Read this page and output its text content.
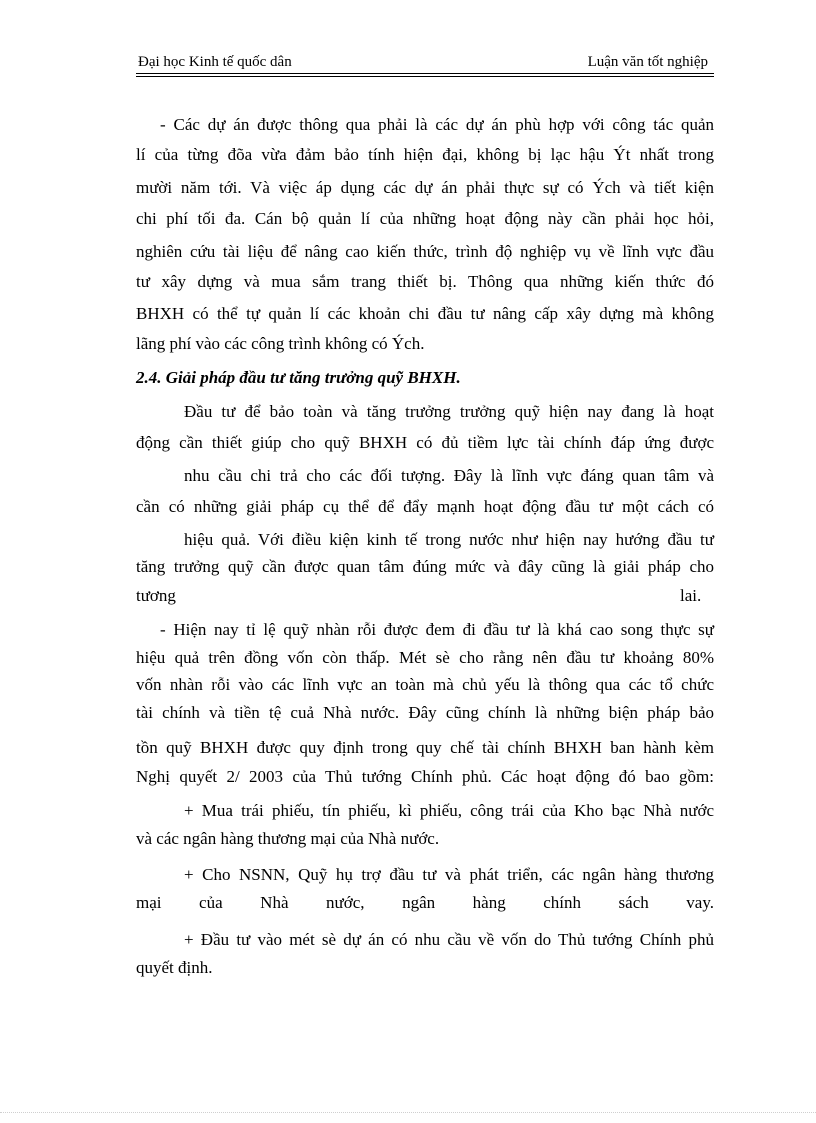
Đại học Kinh tế quốc dân	Luận văn tốt nghiệp
- Các dự án được thông qua phải là các dự án phù hợp với công tác quản
lí của từng đõa vừa đảm bảo tính hiện đại, không bị lạc hậu Ýt nhất trong
mười năm tới. Và việc áp dụng các dự án phải thực sự có Ých và tiết kiện
chi phí tối đa. Cán bộ quản lí của những hoạt động này cần phải học hỏi,
nghiên cứu tài liệu để nâng cao kiến thức, trình độ nghiệp vụ về lĩnh vực đầu
tư xây dựng và mua sắm trang thiết bị. Thông qua những kiến thức đó
BHXH có thể tự quản lí các khoản chi đầu tư nâng cấp xây dựng mà không
lãng phí vào các công trình không có Ých.
2.4. Giải pháp đầu tư tăng trưởng quỹ BHXH.
Đầu tư để bảo toàn và tăng trưởng trưởng quỹ hiện nay đang là hoạt
động cần thiết giúp cho quỹ BHXH có đủ tiềm lực tài chính đáp ứng được
nhu cầu chi trả cho các đối tượng. Đây là lĩnh vực đáng quan tâm và
cần có những giải pháp cụ thể để đẩy mạnh hoạt động đầu tư một cách có
hiệu quả. Với điều kiện kinh tế trong nước như hiện nay hướng đầu tư
tăng trưởng quỹ cần được quan tâm đúng mức và đây cũng là giải pháp cho
tương	lai.
- Hiện nay tỉ lệ quỹ nhàn rỗi được đem đi đầu tư là khá cao song thực sự
hiệu quả trên đồng vốn còn thấp. Mét sè cho rằng nên đầu tư khoảng 80%
vốn nhàn rỗi vào các lĩnh vực an toàn mà chủ yếu là thông qua các tổ chức
tài chính và tiền tệ cuả Nhà nước. Đây cũng chính là những biện pháp bảo
tồn quỹ BHXH được quy định trong quy chế tài chính BHXH ban hành kèm
Nghị quyết 2/ 2003 của Thủ tướng Chính phủ. Các hoạt động đó bao gồm:
+ Mua trái phiếu, tín phiếu, kì phiếu, công trái của Kho bạc Nhà nước
và các ngân hàng thương mại của Nhà nước.
+ Cho NSNN, Quỹ hụ trợ đầu tư và phát triển, các ngân hàng thương
mại của Nhà nước, ngân hàng chính sách vay.
+ Đầu tư vào mét sè dự án có nhu cầu về vốn do Thủ tướng Chính phủ
quyết định.
